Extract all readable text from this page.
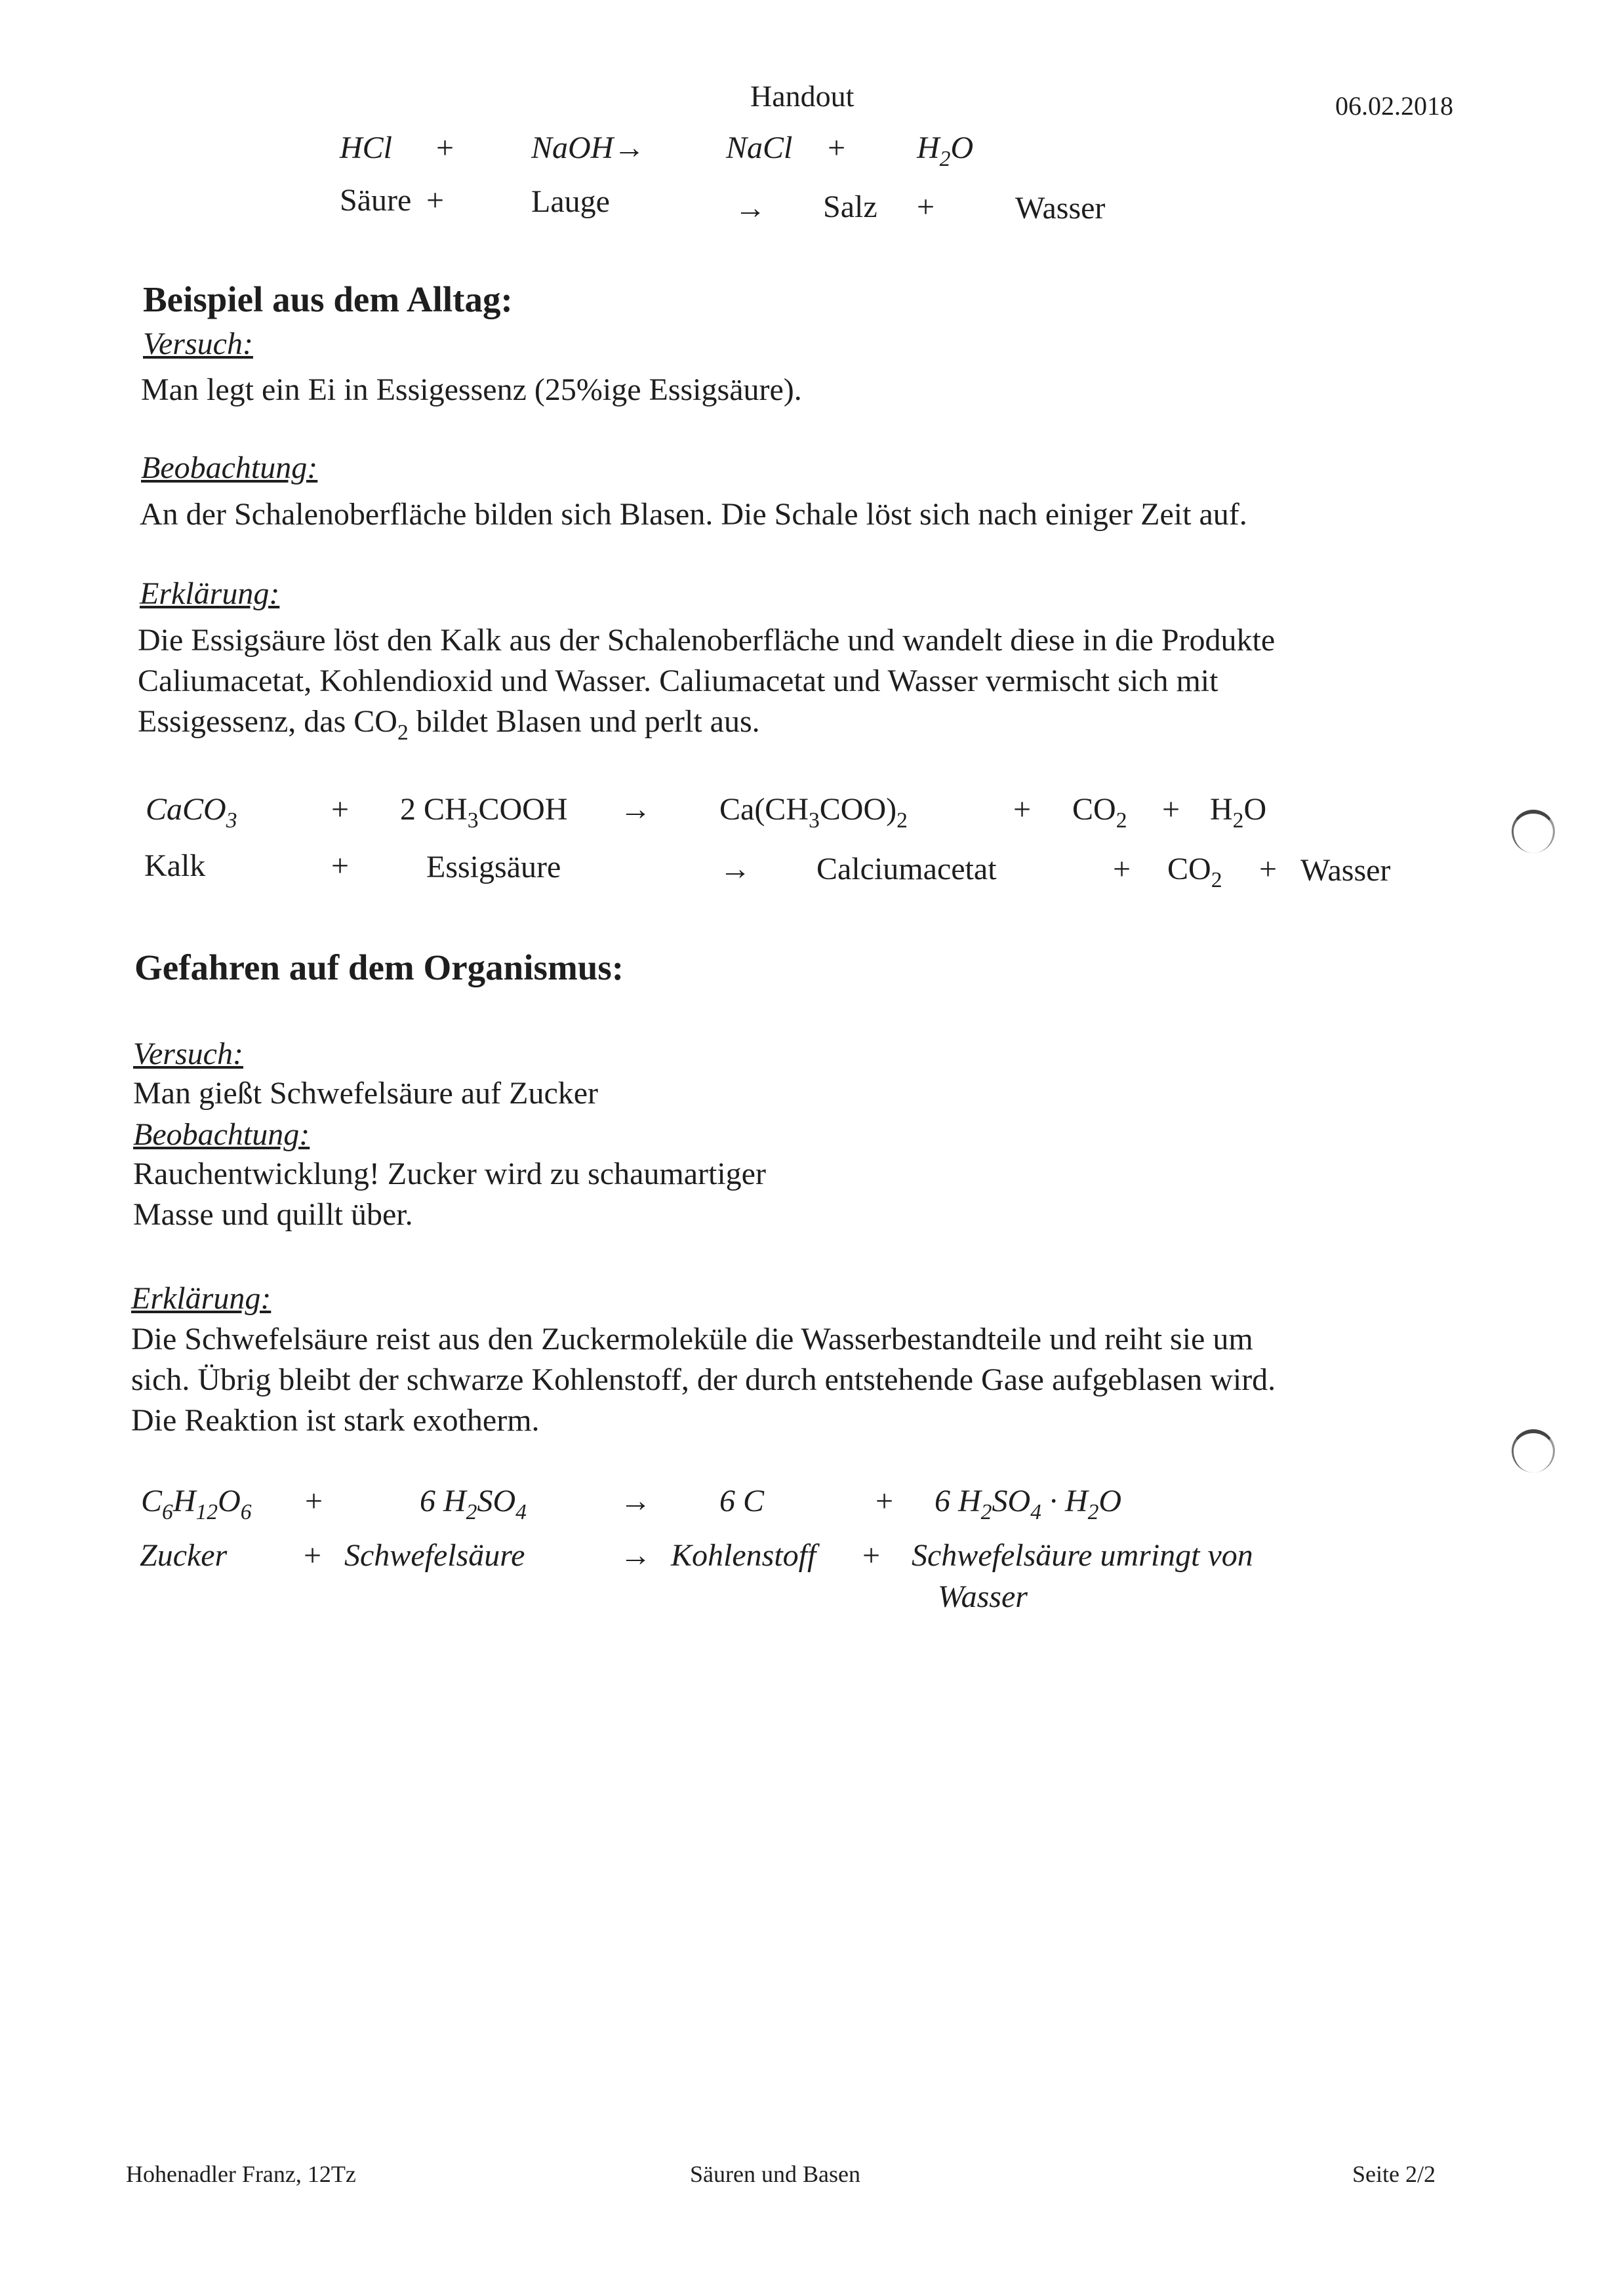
Handout	06.02.2018
HCl + NaOH→	NaCl + $H_2O$
Säure +	Lauge	→ Salz +	Wasser
Beispiel aus dem Alltag:
Versuch:
Man legt ein Ei in Essigessenz (25%ige Essigsäure).
Beobachtung:
An der Schalenoberfläche bilden sich Blasen. Die Schale löst sich nach einiger Zeit auf.
Erklärung:
Die Essigsäure löst den Kalk aus der Schalenoberfläche und wandelt diese in die Produkte
Caliumacetat, Kohlendioxid und Wasser. Caliumacetat und Wasser vermischt sich mit
Essigessenz, das $CO_2$ bildet Blasen und perlt aus.
CaCO$_3$	+ 2 $CH_3COOH \to Ca(CH_3COO)_2$	+ $CO_2 + H_2O$
Kalk	+ Essigsäure	→ Calciumacetat	+ $CO_2$ + Wasser
Gefahren auf dem Organismus:
Versuch:
Man gießt Schwefelsäure auf Zucker
Beobachtung:
Rauchentwicklung! Zucker wird zu schaumartiger
Masse und quillt über.
Erklärung:
Die Schwefelsäure reist aus den Zuckermoleküle die Wasserbestandteile und reiht sie um
sich. Übrig bleibt der schwarze Kohlenstoff, der durch entstehende Gase aufgeblasen wird.
Die Reaktion ist stark exotherm.
$C_6H_{12}O_6$ +	6 $H_2SO_4$	→ 6 C	+ 6 $H_2SO_4 \cdot H_2O$
Zucker + Schwefelsäure	→ Kohlenstoff + Schwefelsäure umringt von
Wasser
Hohenadler Franz, 12Tz	Säuren und Basen	Seite 2/2
